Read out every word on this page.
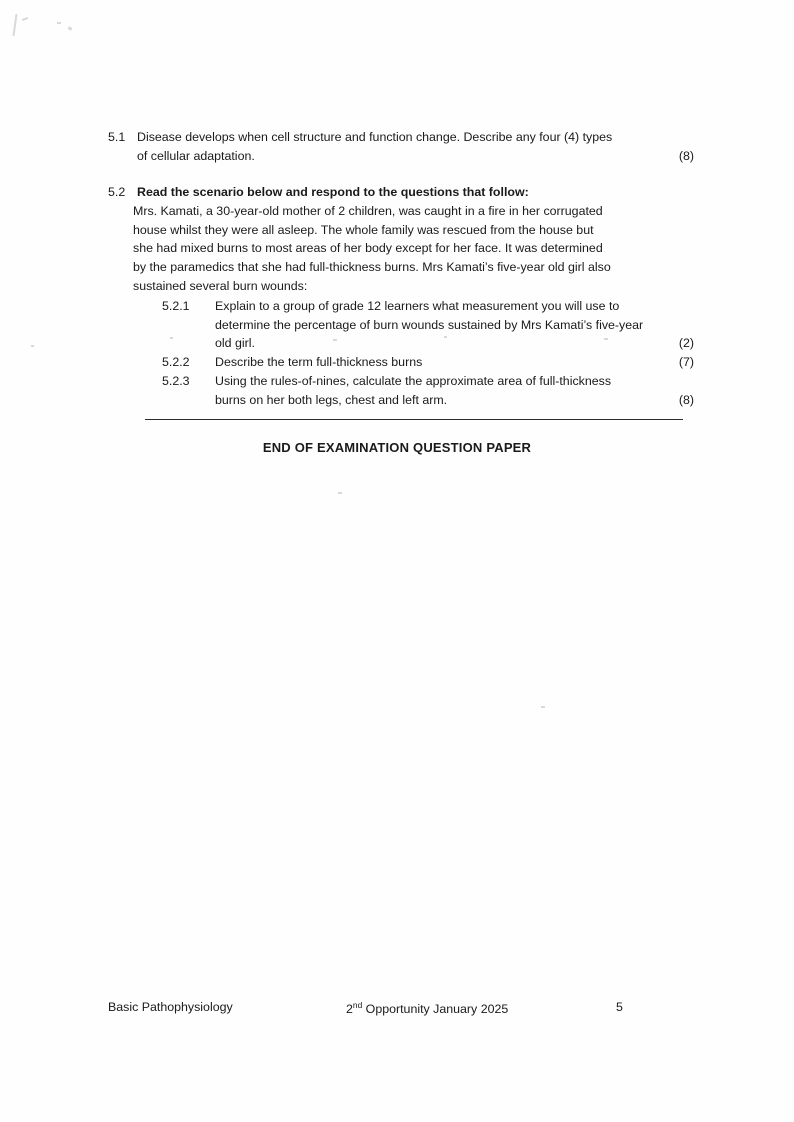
5.1 Disease develops when cell structure and function change. Describe any four (4) types
of cellular adaptation.	(8)
5.2 Read the scenario below and respond to the questions that follow:
Mrs. Kamati, a 30-year-old mother of 2 children, was caught in a fire in her corrugated
house whilst they were all asleep. The whole family was rescued from the house but
she had mixed burns to most areas of her body except for her face. It was determined
by the paramedics that she had full-thickness burns. Mrs Kamati’s five-year old girl also
sustained several burn wounds:
5.2.1	Explain to a group of grade 12 learners what measurement you will use to
determine the percentage of burn wounds sustained by Mrs Kamati’s five-year
old girl.	(2)
5.2.2	Describe the term full-thickness burns	(7)
5.2.3	Using the rules-of-nines, calculate the approximate area of full-thickness
burns on her both legs, chest and left arm.	(8)
END OF EXAMINATION QUESTION PAPER
Basic Pathophysiology	2nd Opportunity January 2025	5
